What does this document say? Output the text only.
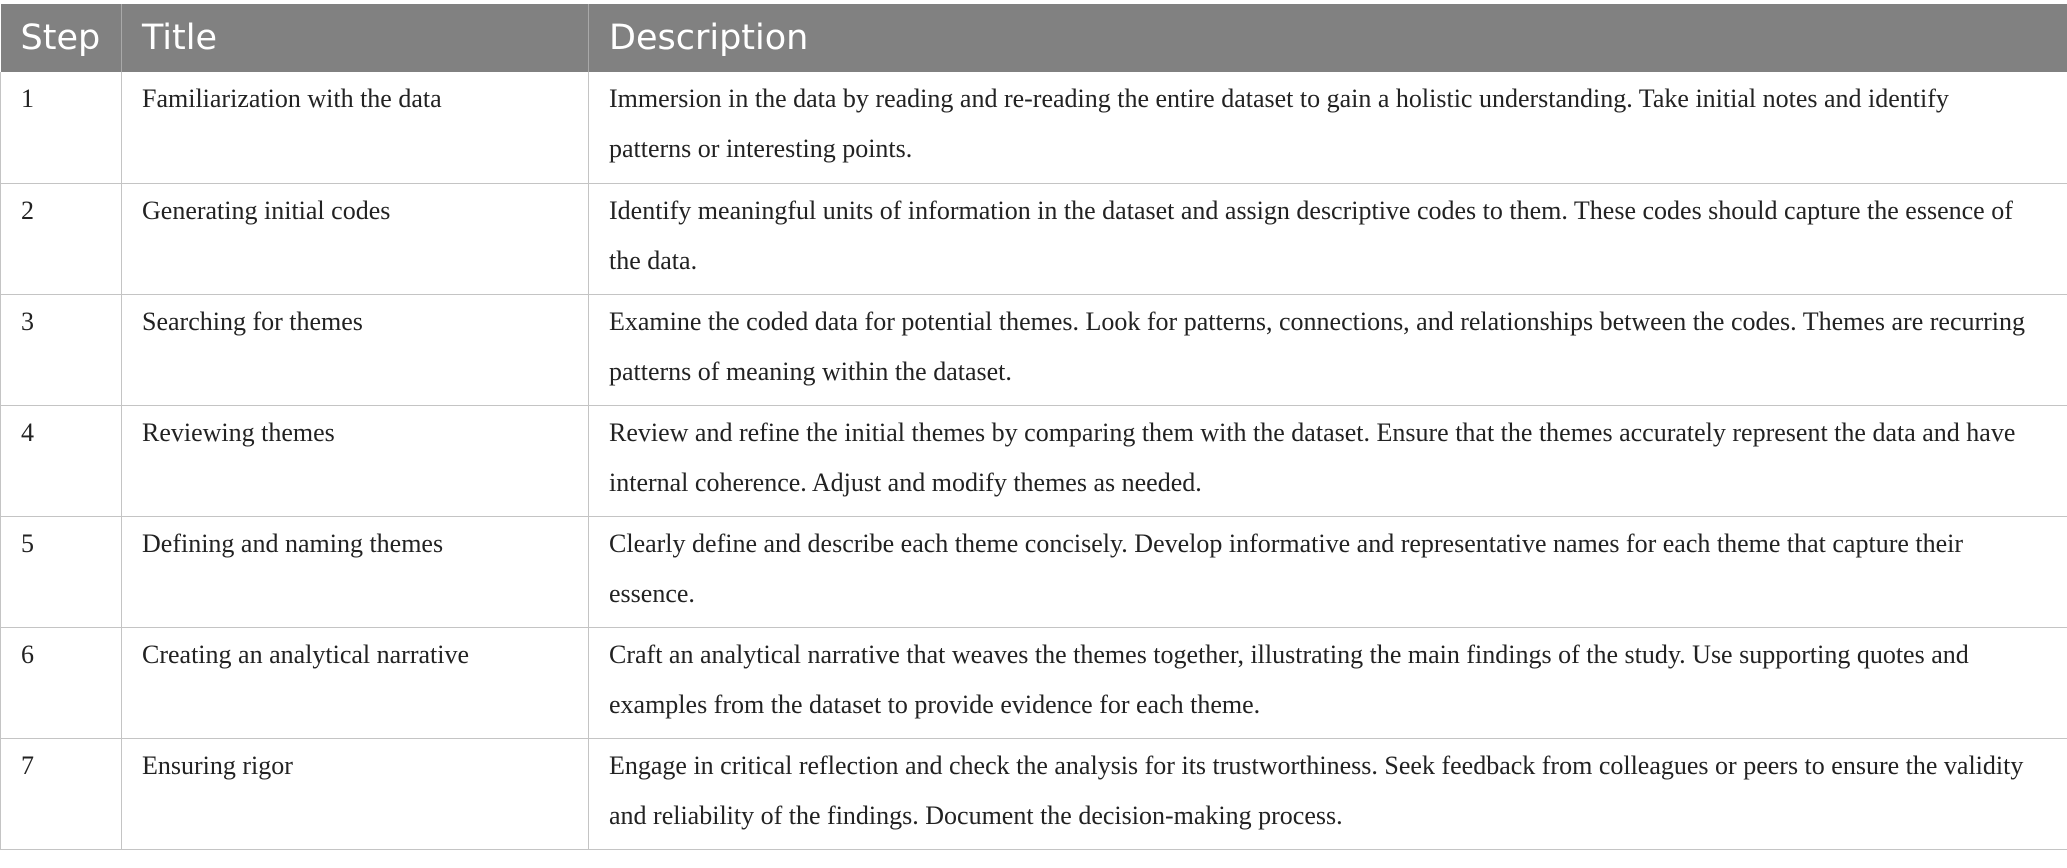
Step	Title	Description
1	Familiarization with the data	Immersion in the data by reading and re-reading the entire dataset to gain a holistic understanding. Take initial notes and identify patterns or interesting points.
2	Generating initial codes	Identify meaningful units of information in the dataset and assign descriptive codes to them. These codes should capture the essence of the data.
3	Searching for themes	Examine the coded data for potential themes. Look for patterns, connections, and relationships between the codes. Themes are recurring patterns of meaning within the dataset.
4	Reviewing themes	Review and refine the initial themes by comparing them with the dataset. Ensure that the themes accurately represent the data and have internal coherence. Adjust and modify themes as needed.
5	Defining and naming themes	Clearly define and describe each theme concisely. Develop informative and representative names for each theme that capture their essence.
6	Creating an analytical narrative	Craft an analytical narrative that weaves the themes together, illustrating the main findings of the study. Use supporting quotes and examples from the dataset to provide evidence for each theme.
7	Ensuring rigor	Engage in critical reflection and check the analysis for its trustworthiness. Seek feedback from colleagues or peers to ensure the validity and reliability of the findings. Document the decision-making process.
